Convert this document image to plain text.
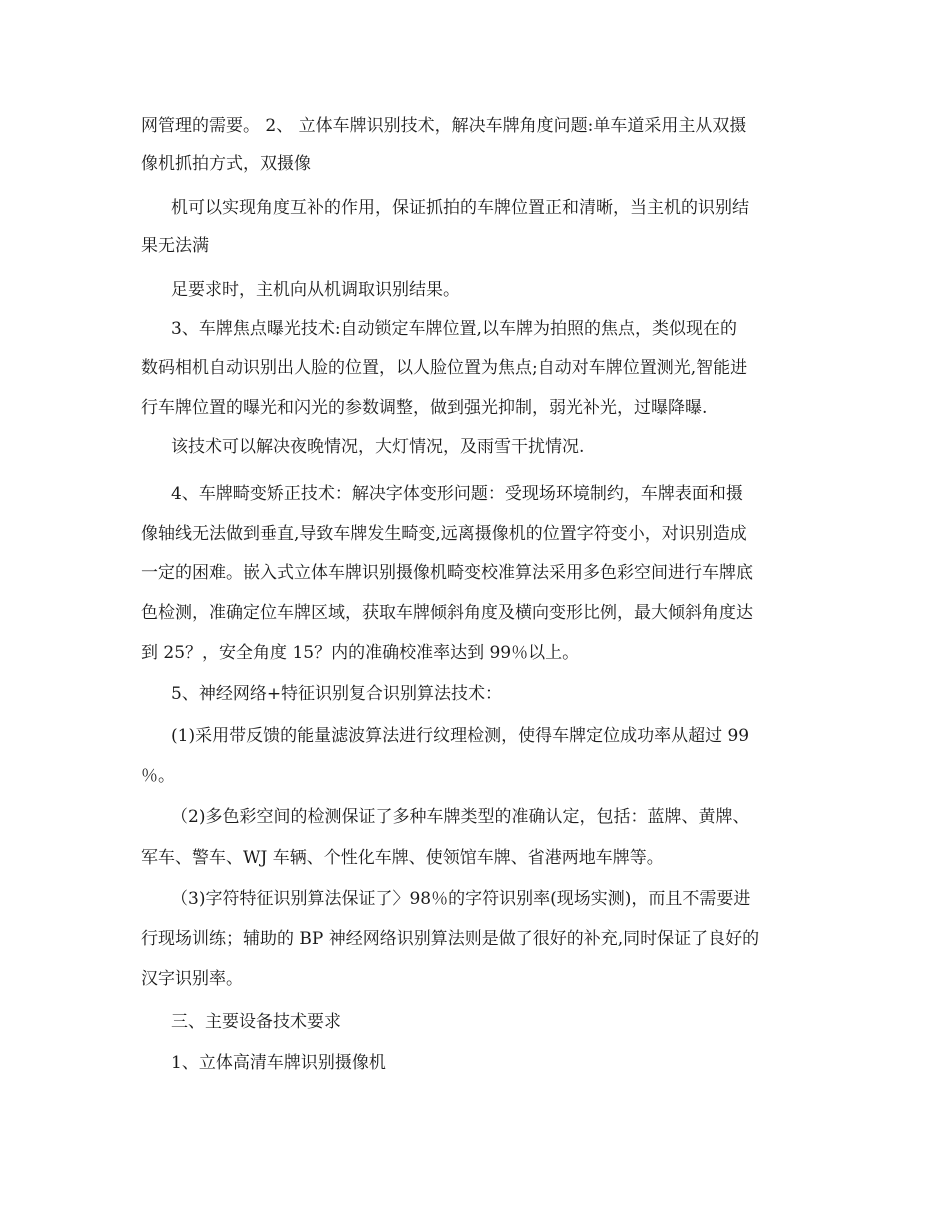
网管理的需要。 2、 立体车牌识别技术，解决车牌角度问题:单车道采用主从双摄
像机抓拍方式，双摄像
机可以实现角度互补的作用，保证抓拍的车牌位置正和清晰，当主机的识别结
果无法满
足要求时，主机向从机调取识别结果。
3、车牌焦点曝光技术:自动锁定车牌位置,以车牌为拍照的焦点，类似现在的
数码相机自动识别出人脸的位置，以人脸位置为焦点;自动对车牌位置测光,智能进
行车牌位置的曝光和闪光的参数调整，做到强光抑制，弱光补光，过曝降曝.
该技术可以解决夜晚情况，大灯情况，及雨雪干扰情况.
4、车牌畸变矫正技术：解决字体变形问题：受现场环境制约，车牌表面和摄
像轴线无法做到垂直,导致车牌发生畸变,远离摄像机的位置字符变小，对识别造成
一定的困难。嵌入式立体车牌识别摄像机畸变校准算法采用多色彩空间进行车牌底
色检测，准确定位车牌区域，获取车牌倾斜角度及横向变形比例，最大倾斜角度达
到 25？，安全角度 15？内的准确校准率达到 99％以上。
5、神经网络+特征识别复合识别算法技术：
(1)采用带反馈的能量滤波算法进行纹理检测，使得车牌定位成功率从超过 99
％。
（2)多色彩空间的检测保证了多种车牌类型的准确认定，包括：蓝牌、黄牌、
军车、警车、WJ 车辆、个性化车牌、使领馆车牌、省港两地车牌等。
（3)字符特征识别算法保证了〉98％的字符识别率(现场实测)，而且不需要进
行现场训练；辅助的 BP 神经网络识别算法则是做了很好的补充,同时保证了良好的
汉字识别率。
三、主要设备技术要求
1、立体高清车牌识别摄像机
